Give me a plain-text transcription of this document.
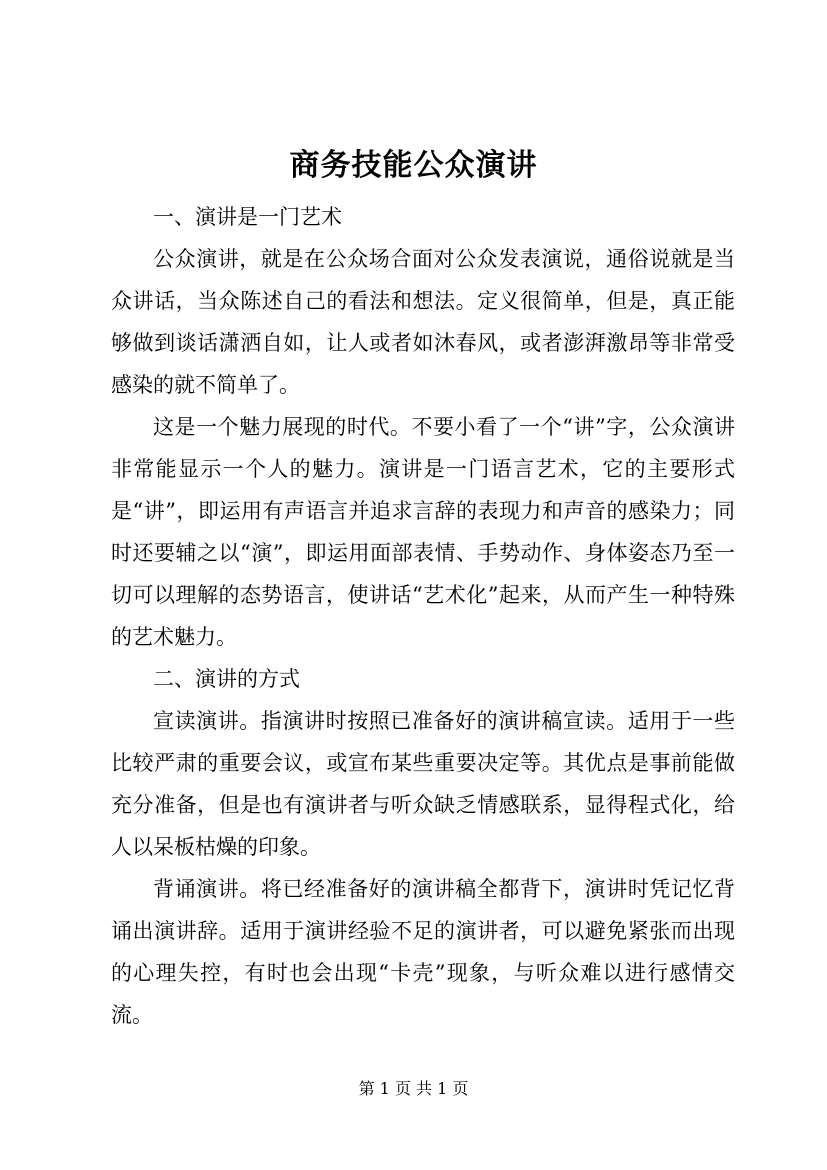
商务技能公众演讲

一、演讲是一门艺术

公众演讲，就是在公众场合面对公众发表演说，通俗说就是当众讲话，当众陈述自己的看法和想法。定义很简单，但是，真正能够做到谈话潇洒自如，让人或者如沐春风，或者澎湃激昂等非常受感染的就不简单了。

这是一个魅力展现的时代。不要小看了一个“讲”字，公众演讲非常能显示一个人的魅力。演讲是一门语言艺术，它的主要形式是“讲”，即运用有声语言并追求言辞的表现力和声音的感染力；同时还要辅之以“演”，即运用面部表情、手势动作、身体姿态乃至一切可以理解的态势语言，使讲话“艺术化”起来，从而产生一种特殊的艺术魅力。

二、演讲的方式

宣读演讲。指演讲时按照已准备好的演讲稿宣读。适用于一些比较严肃的重要会议，或宣布某些重要决定等。其优点是事前能做充分准备，但是也有演讲者与听众缺乏情感联系，显得程式化，给人以呆板枯燥的印象。

背诵演讲。将已经准备好的演讲稿全都背下，演讲时凭记忆背诵出演讲辞。适用于演讲经验不足的演讲者，可以避免紧张而出现的心理失控，有时也会出现“卡壳”现象，与听众难以进行感情交流。

第 1 页 共 1 页
